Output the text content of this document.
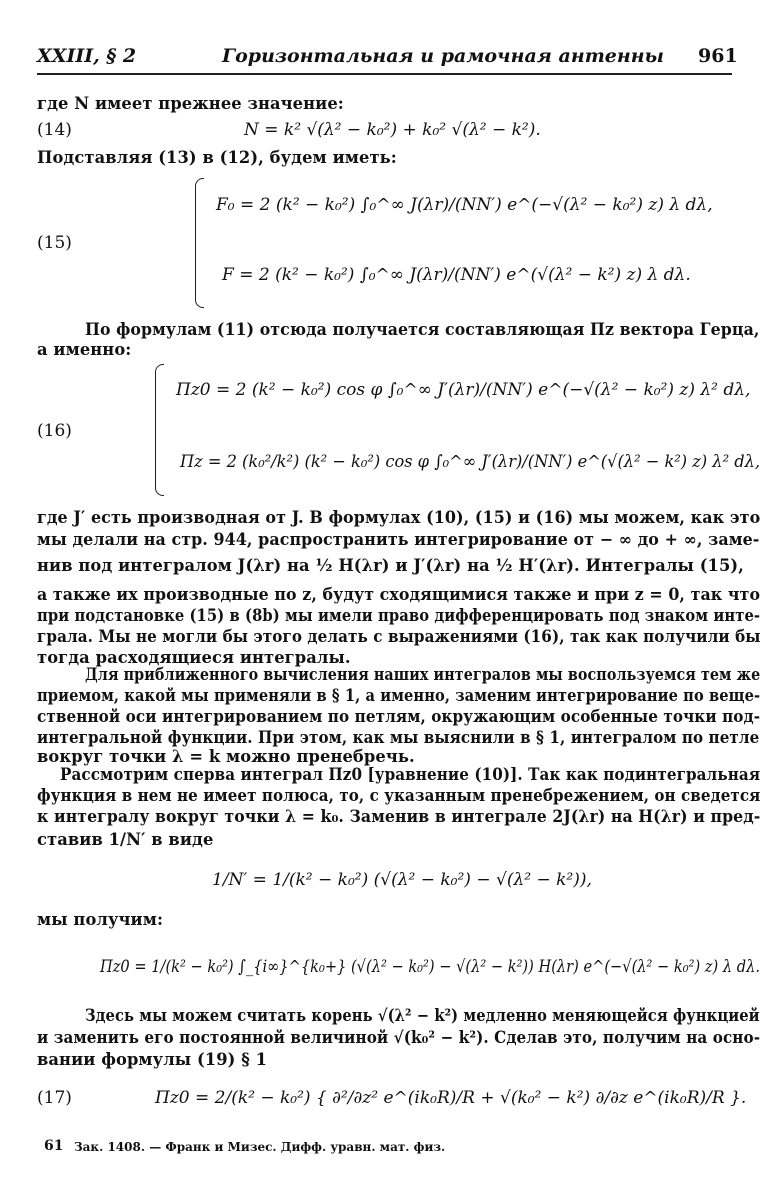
XXIII, § 2	Горизонтальная и рамочная антенны 961
где N имеет прежнее значение:
(14)	N = k² √(λ² − k₀²) + k₀² √(λ² − k²).
Подставляя (13) в (12), будем иметь:
(15)
F₀ = 2 (k² − k₀²) ∫₀^∞ J(λr)/(NN′) e^(−√(λ² − k₀²) z) λ dλ,
F = 2 (k² − k₀²) ∫₀^∞ J(λr)/(NN′) e^(√(λ² − k²) z) λ dλ.
По формулам (11) отсюда получается составляющая Πz вектора Герца,
а именно:
(16)
Πz0 = 2 (k² − k₀²) cos φ ∫₀^∞ J′(λr)/(NN′) e^(−√(λ² − k₀²) z) λ² dλ,
Πz = 2 (k₀²/k²) (k² − k₀²) cos φ ∫₀^∞ J′(λr)/(NN′) e^(√(λ² − k²) z) λ² dλ,
где J′ есть производная от J. В формулах (10), (15) и (16) мы можем, как это
мы делали на стр. 944, распространить интегрирование от − ∞ до + ∞, заме-
нив под интегралом J(λr) на ½ H(λr) и J′(λr) на ½ H′(λr). Интегралы (15),
а также их производные по z, будут сходящимися также и при z = 0, так что
при подстановке (15) в (8b) мы имели право дифференцировать под знаком инте-
грала. Мы не могли бы этого делать с выражениями (16), так как получили бы
тогда расходящиеся интегралы.
Для приближенного вычисления наших интегралов мы воспользуемся тем же
приемом, какой мы применяли в § 1, а именно, заменим интегрирование по веще-
ственной оси интегрированием по петлям, окружающим особенные точки под-
интегральной функции. При этом, как мы выяснили в § 1, интегралом по петле
вокруг точки λ = k можно пренебречь.
Рассмотрим сперва интеграл Πz0 [уравнение (10)]. Так как подинтегральная
функция в нем не имеет полюса, то, с указанным пренебрежением, он сведется
к интегралу вокруг точки λ = k₀. Заменив в интеграле 2J(λr) на H(λr) и пред-
ставив 1/N′ в виде
1/N′ = 1/(k² − k₀²) (√(λ² − k₀²) − √(λ² − k²)),
мы получим:
Πz0 = 1/(k² − k₀²) ∫_{i∞}^{k₀+} (√(λ² − k₀²) − √(λ² − k²)) H(λr) e^(−√(λ² − k₀²) z) λ dλ.
Здесь мы можем считать корень √(λ² − k²) медленно меняющейся функцией
и заменить его постоянной величиной √(k₀² − k²). Сделав это, получим на осно-
вании формулы (19) § 1
(17)	Πz0 = 2/(k² − k₀²) { ∂²/∂z² e^(ik₀R)/R + √(k₀² − k²) ∂/∂z e^(ik₀R)/R }.
61 Зак. 1408. — Франк и Мизес. Дифф. уравн. мат. физ.
